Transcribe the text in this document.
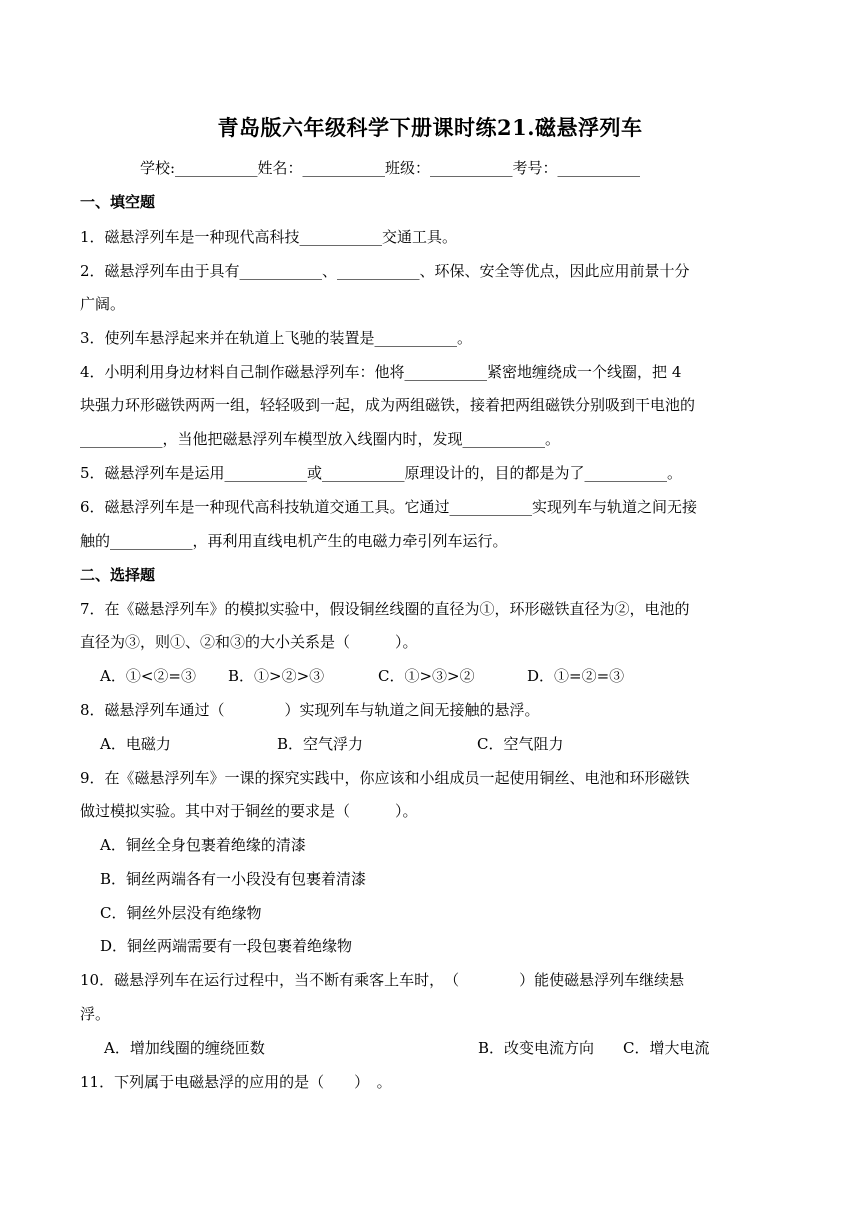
青岛版六年级科学下册课时练21.磁悬浮列车
学校:___________姓名：___________班级：___________考号：___________
一、填空题
1．磁悬浮列车是一种现代高科技___________交通工具。
2．磁悬浮列车由于具有___________、___________、环保、安全等优点，因此应用前景十分
广阔。
3．使列车悬浮起来并在轨道上飞驰的装置是___________。
4．小明利用身边材料自己制作磁悬浮列车：他将___________紧密地缠绕成一个线圈，把 4
块强力环形磁铁两两一组，轻轻吸到一起，成为两组磁铁，接着把两组磁铁分别吸到干电池的
___________，当他把磁悬浮列车模型放入线圈内时，发现___________。
5．磁悬浮列车是运用___________或___________原理设计的，目的都是为了___________。
6．磁悬浮列车是一种现代高科技轨道交通工具。它通过___________实现列车与轨道之间无接
触的___________，再利用直线电机产生的电磁力牵引列车运行。
二、选择题
7．在《磁悬浮列车》的模拟实验中，假设铜丝线圈的直径为①，环形磁铁直径为②，电池的
直径为③，则①、②和③的大小关系是（　　　）。
A．①<②=③ B．①>②>③	C．①>③>②	D．①=②=③
8．磁悬浮列车通过（　　　　）实现列车与轨道之间无接触的悬浮。
A．电磁力	B．空气浮力	C．空气阻力
9．在《磁悬浮列车》一课的探究实践中，你应该和小组成员一起使用铜丝、电池和环形磁铁
做过模拟实验。其中对于铜丝的要求是（　　　）。
A．铜丝全身包裹着绝缘的清漆
B．铜丝两端各有一小段没有包裹着清漆
C．铜丝外层没有绝缘物
D．铜丝两端需要有一段包裹着绝缘物
10．磁悬浮列车在运行过程中，当不断有乘客上车时，　（　　　　）能使磁悬浮列车继续悬
浮。
A．增加线圈的缠绕匝数	B．改变电流方向 C．增大电流
11．下列属于电磁悬浮的应用的是（　　）　。
